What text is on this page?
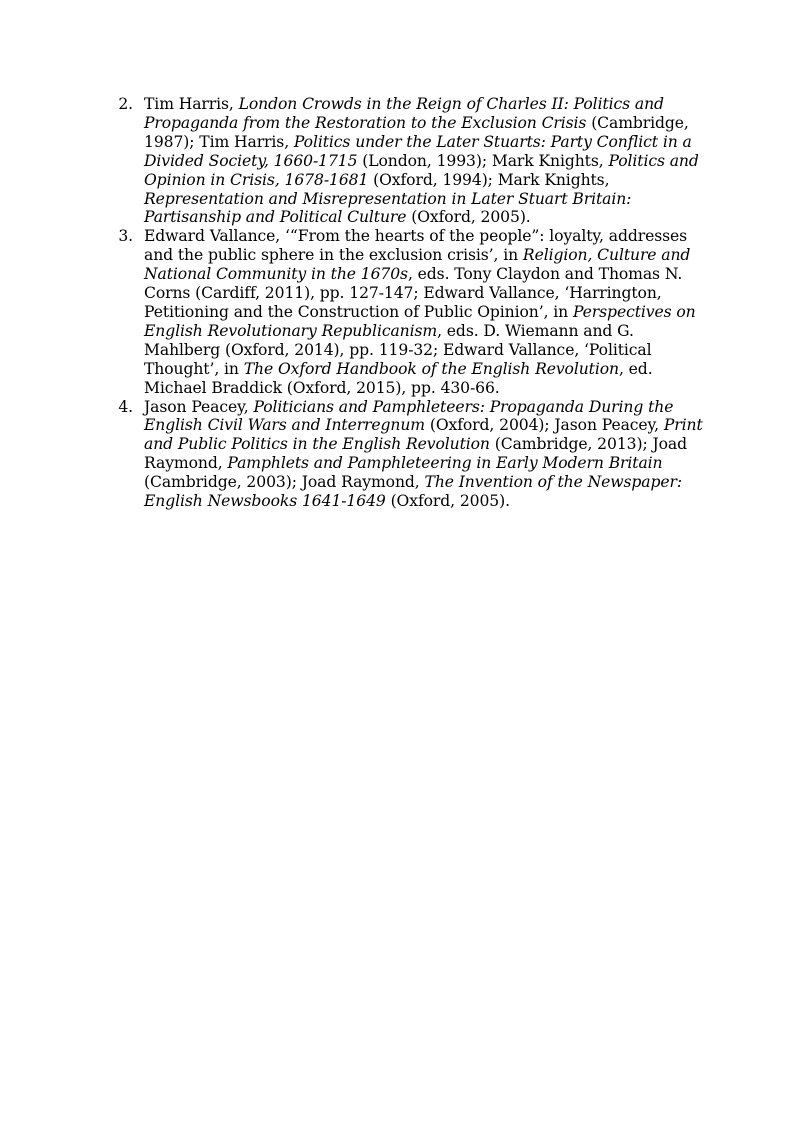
2. Tim Harris, London Crowds in the Reign of Charles II: Politics and Propaganda from the Restoration to the Exclusion Crisis (Cambridge, 1987); Tim Harris, Politics under the Later Stuarts: Party Conflict in a Divided Society, 1660-1715 (London, 1993); Mark Knights, Politics and Opinion in Crisis, 1678-1681 (Oxford, 1994); Mark Knights, Representation and Misrepresentation in Later Stuart Britain: Partisanship and Political Culture (Oxford, 2005).
3. Edward Vallance, ‘“From the hearts of the people”: loyalty, addresses and the public sphere in the exclusion crisis’, in Religion, Culture and National Community in the 1670s, eds. Tony Claydon and Thomas N. Corns (Cardiff, 2011), pp. 127-147; Edward Vallance, ‘Harrington, Petitioning and the Construction of Public Opinion’, in Perspectives on English Revolutionary Republicanism, eds. D. Wiemann and G. Mahlberg (Oxford, 2014), pp. 119-32; Edward Vallance, ‘Political Thought’, in The Oxford Handbook of the English Revolution, ed. Michael Braddick (Oxford, 2015), pp. 430-66.
4. Jason Peacey, Politicians and Pamphleteers: Propaganda During the English Civil Wars and Interregnum (Oxford, 2004); Jason Peacey, Print and Public Politics in the English Revolution (Cambridge, 2013); Joad Raymond, Pamphlets and Pamphleteering in Early Modern Britain (Cambridge, 2003); Joad Raymond, The Invention of the Newspaper: English Newsbooks 1641-1649 (Oxford, 2005).
